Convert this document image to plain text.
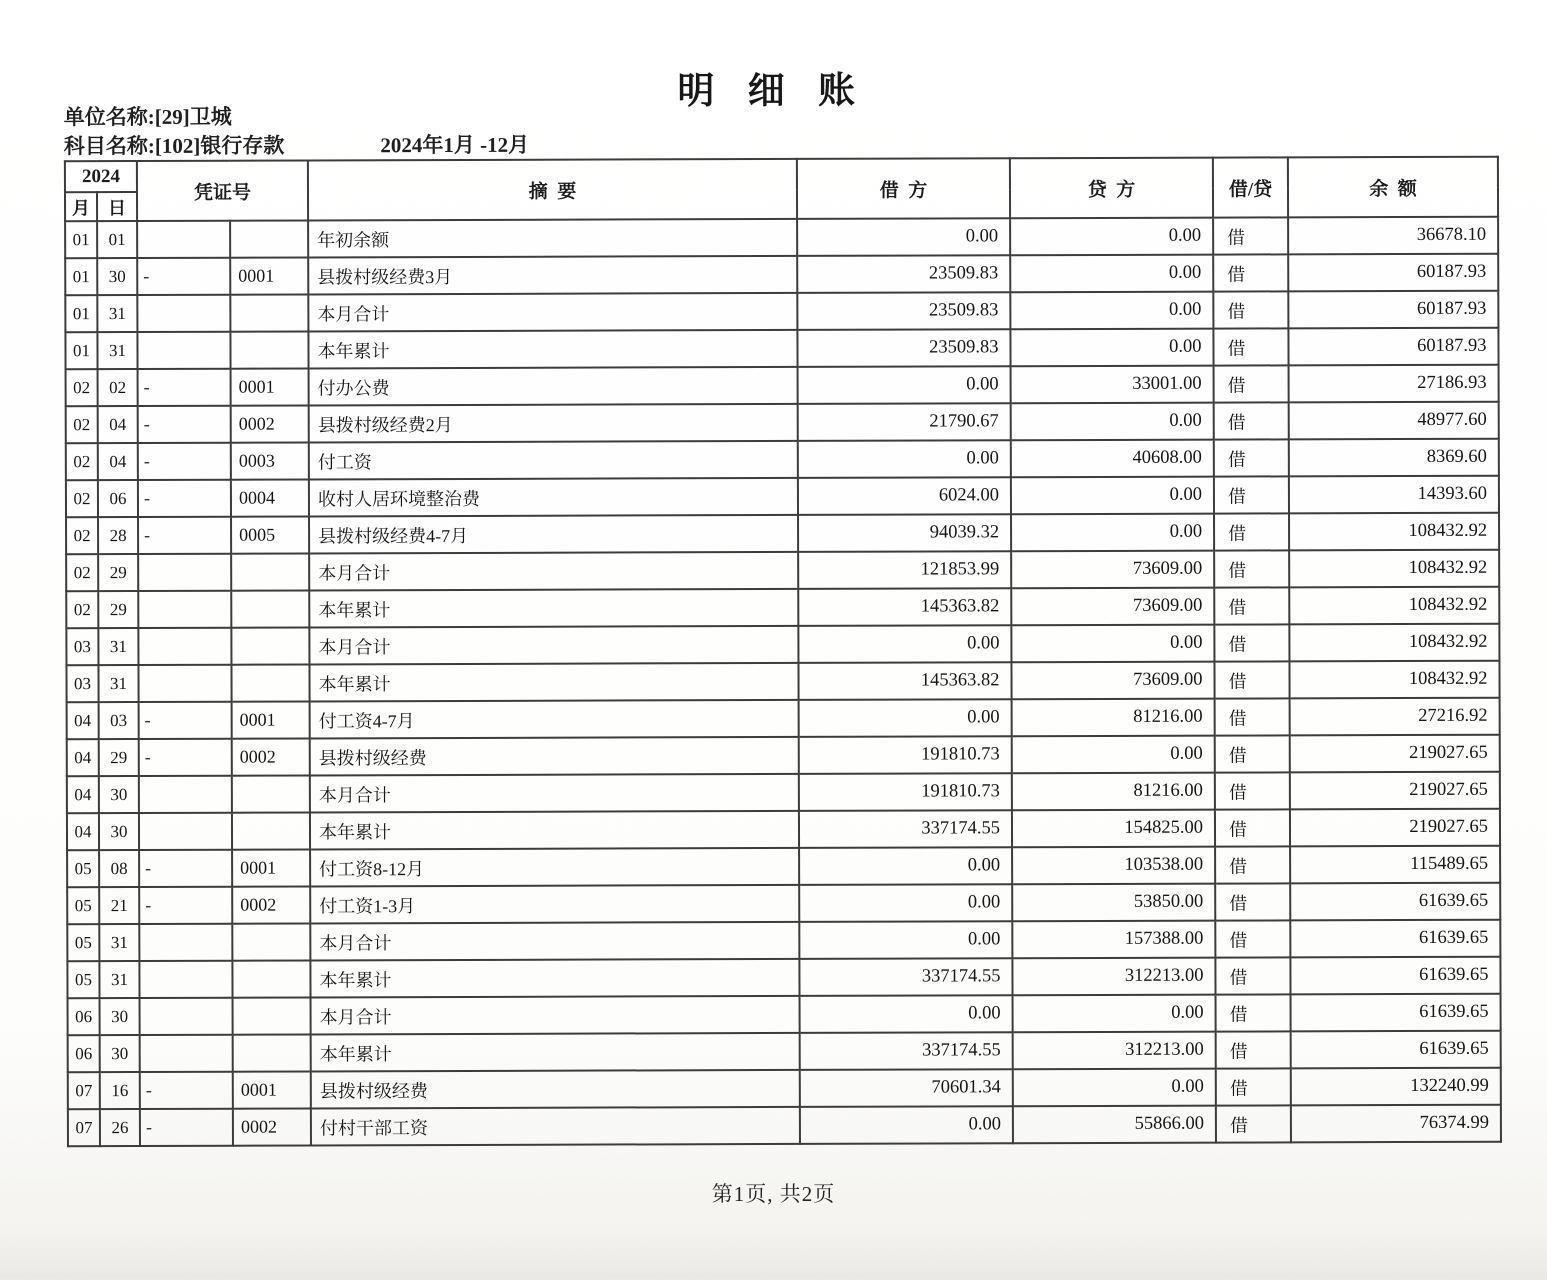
明 细 账
单位名称:[29]卫城
科目名称:[102]银行存款	2024年1月 -12月
2024		凭证号		摘  要	借  方	贷  方	借/贷	余  额
月	日							
01	01			年初余额	0.00	0.00	借	36678.10
01	30	-	0001	县拨村级经费3月	23509.83	0.00	借	60187.93
01	31			本月合计	23509.83	0.00	借	60187.93
01	31			本年累计	23509.83	0.00	借	60187.93
02	02	-	0001	付办公费	0.00	33001.00	借	27186.93
02	04	-	0002	县拨村级经费2月	21790.67	0.00	借	48977.60
02	04	-	0003	付工资	0.00	40608.00	借	8369.60
02	06	-	0004	收村人居环境整治费	6024.00	0.00	借	14393.60
02	28	-	0005	县拨村级经费4-7月	94039.32	0.00	借	108432.92
02	29			本月合计	121853.99	73609.00	借	108432.92
02	29			本年累计	145363.82	73609.00	借	108432.92
03	31			本月合计	0.00	0.00	借	108432.92
03	31			本年累计	145363.82	73609.00	借	108432.92
04	03	-	0001	付工资4-7月	0.00	81216.00	借	27216.92
04	29	-	0002	县拨村级经费	191810.73	0.00	借	219027.65
04	30			本月合计	191810.73	81216.00	借	219027.65
04	30			本年累计	337174.55	154825.00	借	219027.65
05	08	-	0001	付工资8-12月	0.00	103538.00	借	115489.65
05	21	-	0002	付工资1-3月	0.00	53850.00	借	61639.65
05	31			本月合计	0.00	157388.00	借	61639.65
05	31			本年累计	337174.55	312213.00	借	61639.65
06	30			本月合计	0.00	0.00	借	61639.65
06	30			本年累计	337174.55	312213.00	借	61639.65
07	16	-	0001	县拨村级经费	70601.34	0.00	借	132240.99
07	26	-	0002	付村干部工资	0.00	55866.00	借	76374.99
第1页, 共2页
